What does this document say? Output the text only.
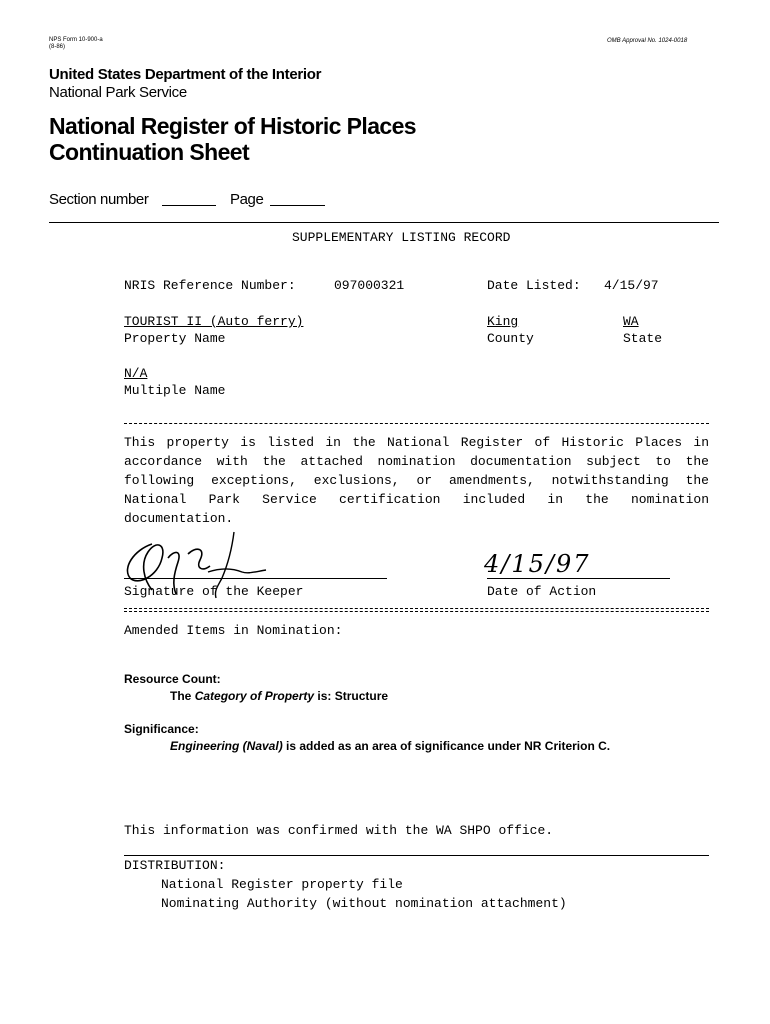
NPS Form 10-900-a
(8-86)
OMB Approval No. 1024-0018
United States Department of the Interior
National Park Service
National Register of Historic Places
Continuation Sheet
Section number	Page
SUPPLEMENTARY LISTING RECORD
NRIS Reference Number:	097000321	Date Listed: 4/15/97
TOURIST II (Auto ferry)
Property Name
King
County
WA
State
N/A
Multiple Name
This property is listed in the National Register of Historic Places in accordance with the attached nomination documentation subject to the following exceptions, exclusions, or amendments, notwithstanding the National Park Service certification included in the nomination documentation.
Signature of the Keeper
4/15/97
Date of Action
Amended Items in Nomination:
Resource Count:
The Category of Property is: Structure
Significance:
Engineering (Naval) is added as an area of significance under NR Criterion C.
This information was confirmed with the WA SHPO office.
DISTRIBUTION:
National Register property file
Nominating Authority (without nomination attachment)
